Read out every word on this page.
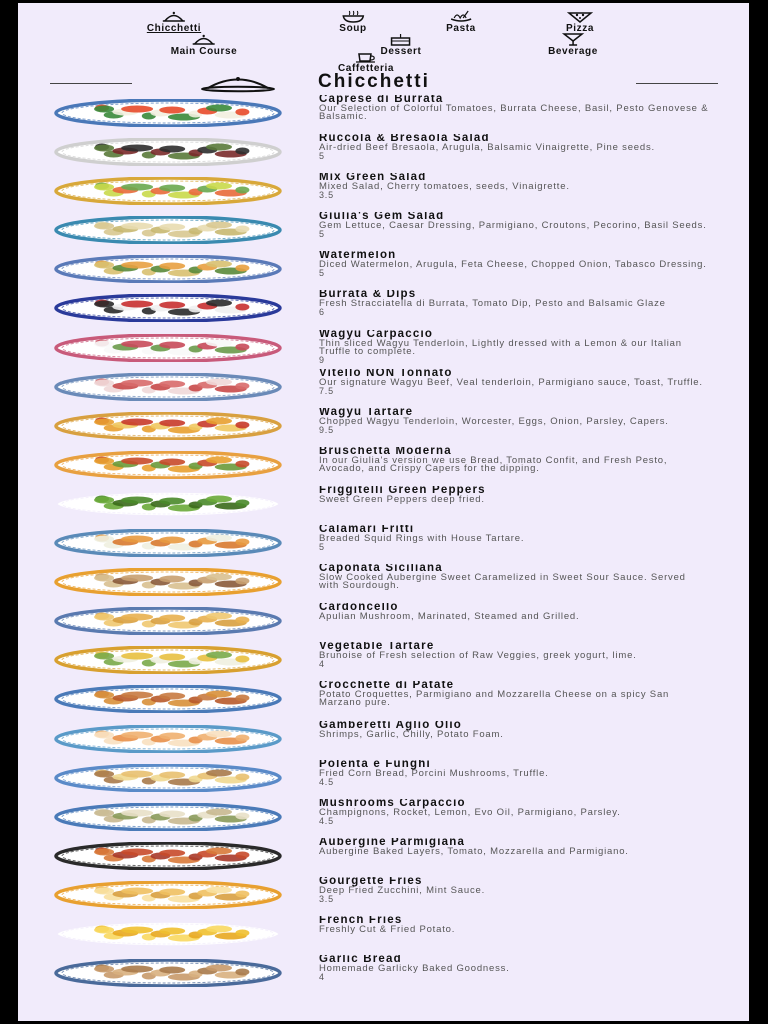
Chicchetti	Soup	Pasta	Pizza
Main Course	Dessert	Beverage
Caffetteria
Chicchetti
Caprese di Burrata
Our Selection of Colorful Tomatoes, Burrata Cheese, Basil, Pesto Genovese & Balsamic.
Ruccola & Bresaola Salad
Air-dried Beef Bresaola, Arugula, Balsamic Vinaigrette, Pine seeds.
5
Mix Green Salad
Mixed Salad, Cherry tomatoes, seeds, Vinaigrette.
3.5
Giulia's Gem Salad
Gem Lettuce, Caesar Dressing, Parmigiano, Croutons, Pecorino, Basil Seeds.
5
Watermelon
Diced Watermelon, Arugula, Feta Cheese, Chopped Onion, Tabasco Dressing.
5
Burrata & Dips
Fresh Stracciatella di Burrata, Tomato Dip, Pesto and Balsamic Glaze
6
Wagyu Carpaccio
Thin sliced Wagyu Tenderloin, Lightly dressed with a Lemon & our Italian Truffle to complete.
9
Vitello NON Tonnato
Our signature Wagyu Beef, Veal tenderloin, Parmigiano sauce, Toast, Truffle.
7.5
Wagyu Tartare
Chopped Wagyu Tenderloin, Worcester, Eggs, Onion, Parsley, Capers.
9.5
Bruschetta Moderna
In our Giulia's version we use Bread, Tomato Confit, and Fresh Pesto, Avocado, and Crispy Capers for the dipping.
Friggitelli Green Peppers
Sweet Green Peppers deep fried.
Calamari Fritti
Breaded Squid Rings with House Tartare.
5
Caponata Siciliana
Slow Cooked Aubergine Sweet Caramelized in Sweet Sour Sauce. Served with Sourdough.
Cardoncello
Apulian Mushroom, Marinated, Steamed and Grilled.
Vegetable Tartare
Brunoise of Fresh selection of Raw Veggies, greek yogurt, lime.
4
Crocchette di Patate
Potato Croquettes, Parmigiano and Mozzarella Cheese on a spicy San Marzano pure.
Gamberetti Aglio Olio
Shrimps, Garlic, Chilly, Potato Foam.
Polenta e Funghi
Fried Corn Bread, Porcini Mushrooms, Truffle.
4.5
Mushrooms Carpaccio
Champignons, Rocket, Lemon, Evo Oil, Parmigiano, Parsley.
4.5
Aubergine Parmigiana
Aubergine Baked Layers, Tomato, Mozzarella and Parmigiano.
Gourgette Fries
Deep Fried Zucchini, Mint Sauce.
3.5
French Fries
Freshly Cut & Fried Potato.
Garlic Bread
Homemade Garlicky Baked Goodness.
4
